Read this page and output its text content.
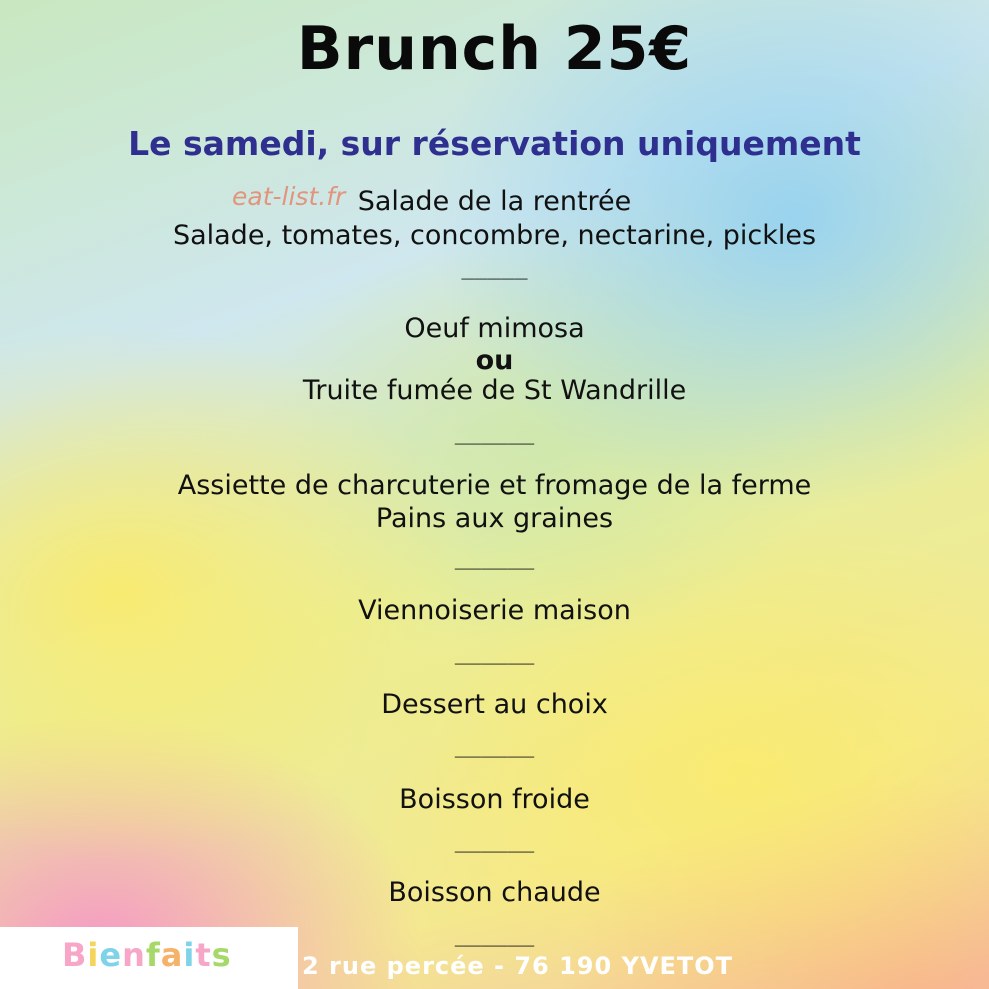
Brunch 25€
Le samedi, sur réservation uniquement
eat-list.fr Salade de la rentrée
Salade, tomates, concombre, nectarine, pickles
_____
Oeuf mimosa
ou
Truite fumée de St Wandrille
______
Assiette de charcuterie et fromage de la ferme
Pains aux graines
______
Viennoiserie maison
______
Dessert au choix
______
Boisson froide
______
Boisson chaude
______
Bienfaits	2 rue percée - 76 190 YVETOT
